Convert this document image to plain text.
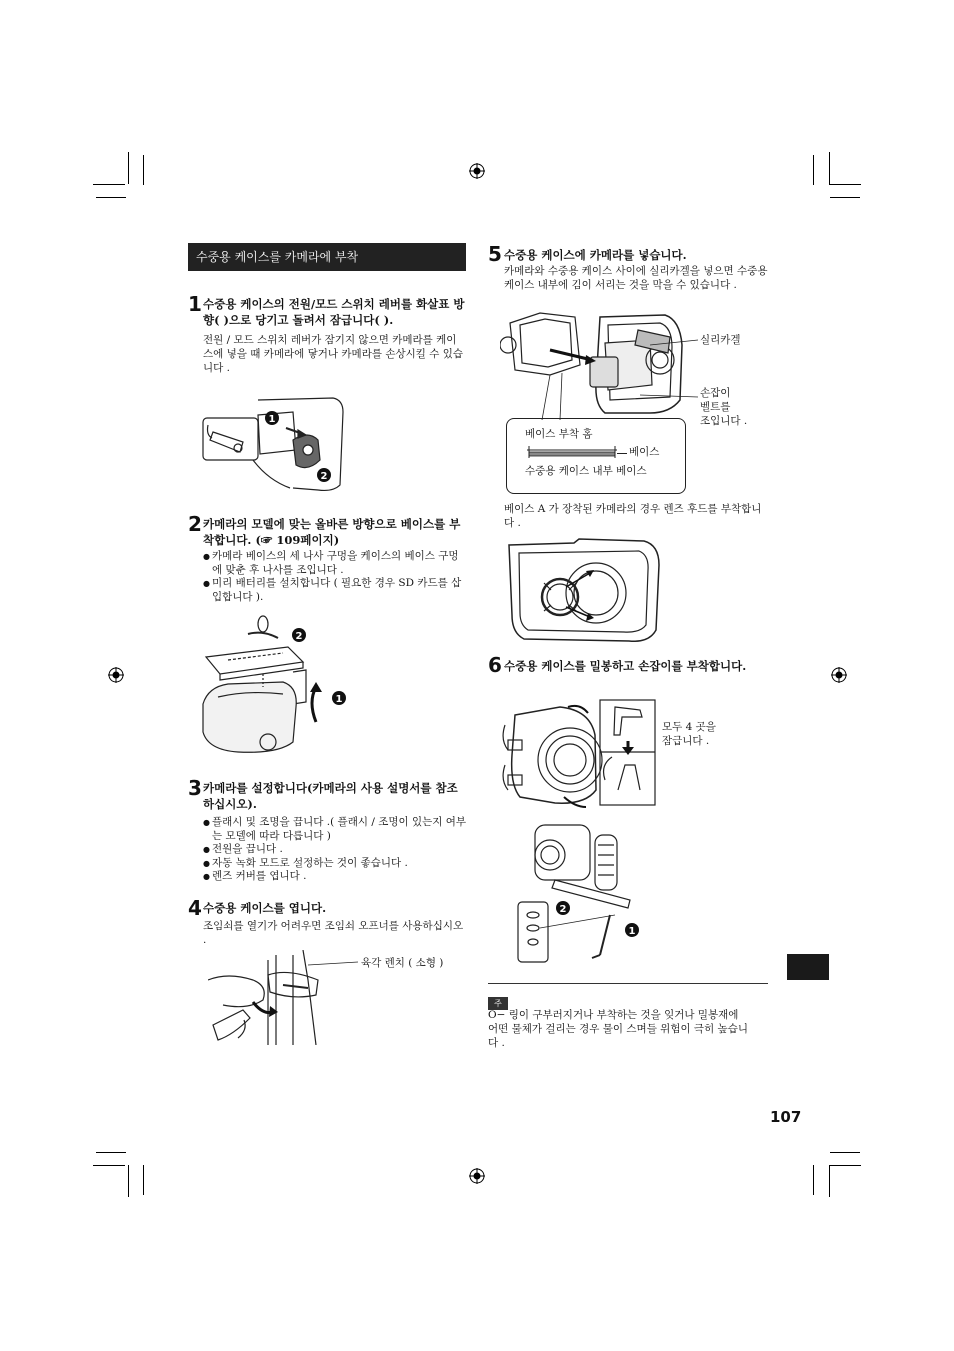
수중용 케이스를 카메라에 부착
1 수중용 케이스의 전원/모드 스위치 레버를 화살표 방향( )으로 당기고 돌려서 잠급니다( ).
전원 / 모드 스위치 레버가 잠기지 않으면 카메라를 케이스에 넣을 때 카메라에 닿거나 카메라를 손상시킬 수 있습니다 .
1
2
2 카메라의 모델에 맞는 올바른 방향으로 베이스를 부착합니다. (☞ 109페이지)
● 카메라 베이스의 세 나사 구멍을 케이스의 베이스 구멍에 맞춘 후 나사를 조입니다 .
● 미리 배터리를 설치합니다 ( 필요한 경우 SD 카드를 삽입합니다 ).
2
1
3 카메라를 설정합니다(카메라의 사용 설명서를 참조하십시오).
● 플래시 및 조명을 끕니다 .( 플래시 / 조명이 있는지 여부는 모델에 따라 다릅니다 )
● 전원을 끕니다 .
● 자동 녹화 모드로 설정하는 것이 좋습니다 .
● 렌즈 커버를 엽니다 .
4 수중용 케이스를 엽니다.
조임쇠를 열기가 어려우면 조임쇠 오프너를 사용하십시오 .
육각 렌치 ( 소형 )
5 수중용 케이스에 카메라를 넣습니다.
카메라와 수중용 케이스 사이에 실리카겔을 넣으면 수중용 케이스 내부에 김이 서리는 것을 막을 수 있습니다 .
실리카겔
손잡이
벨트를
조입니다 .
베이스 부착 홈
베이스
수중용 케이스 내부 베이스
베이스 A 가 장착된 카메라의 경우 렌즈 후드를 부착합니다 .
6 수중용 케이스를 밀봉하고 손잡이를 부착합니다.
모두 4 곳을
잠급니다 .
2
1
주
O− 링이 구부러지거나 부착하는 것을 잊거나 밀봉재에 어떤 물체가 걸리는 경우 물이 스며들 위험이 극히 높습니다 .
107
